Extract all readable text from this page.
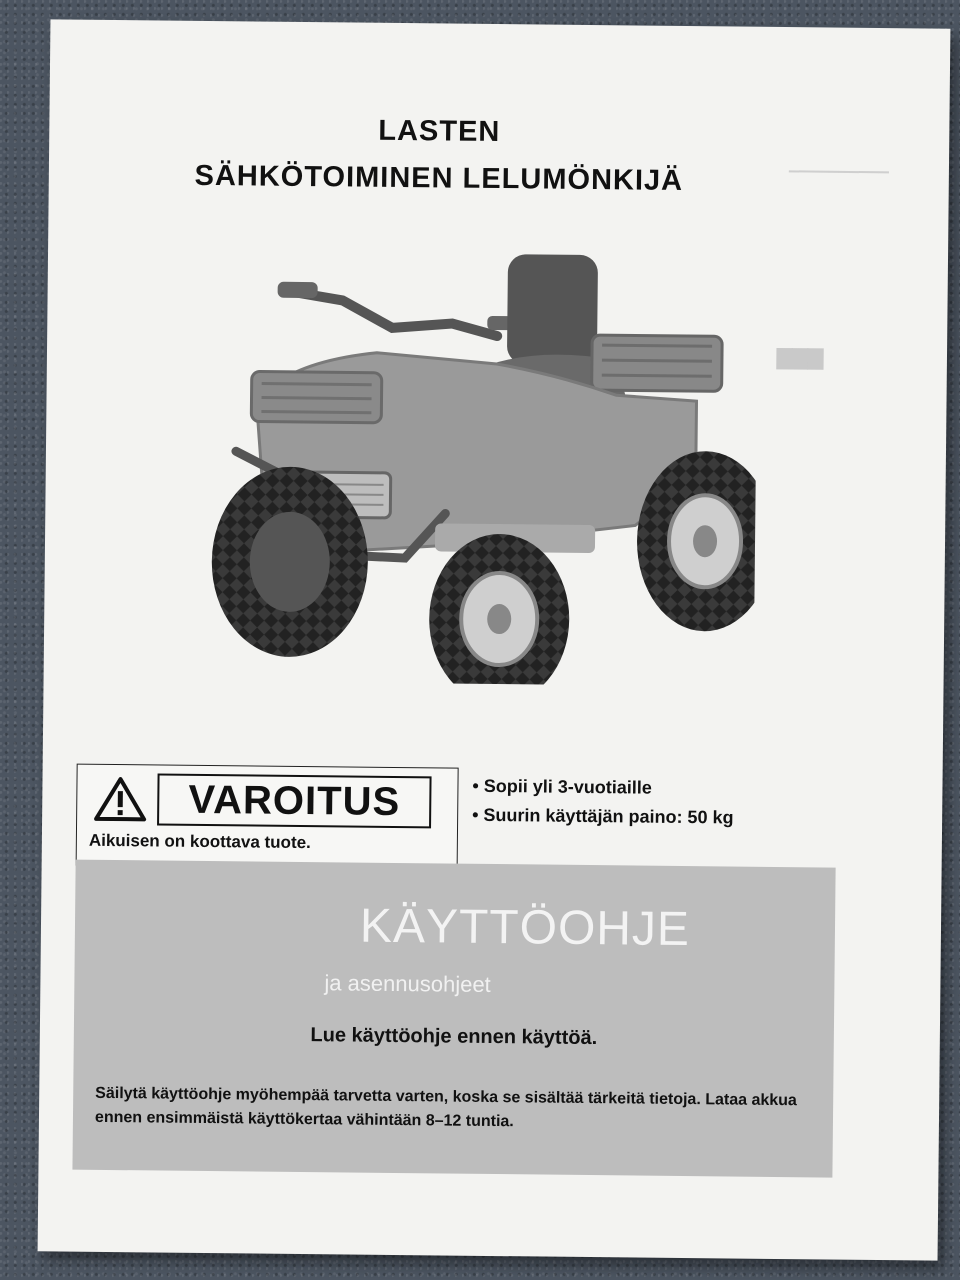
▁▁▁▁▁▁▁▁▁▁
▇▇▇
LASTEN
SÄHKÖTOIMINEN LELUMÖNKIJÄ
VAROITUS
Aikuisen on koottava tuote.
• Sopii yli 3-vuotiaille
• Suurin käyttäjän paino: 50 kg
KÄYTTÖOHJE
ja asennusohjeet
Lue käyttöohje ennen käyttöä.
Säilytä käyttöohje myöhempää tarvetta varten, koska se sisältää tärkeitä tietoja. Lataa akkua ennen ensimmäistä käyttökertaa vähintään 8–12 tuntia.
